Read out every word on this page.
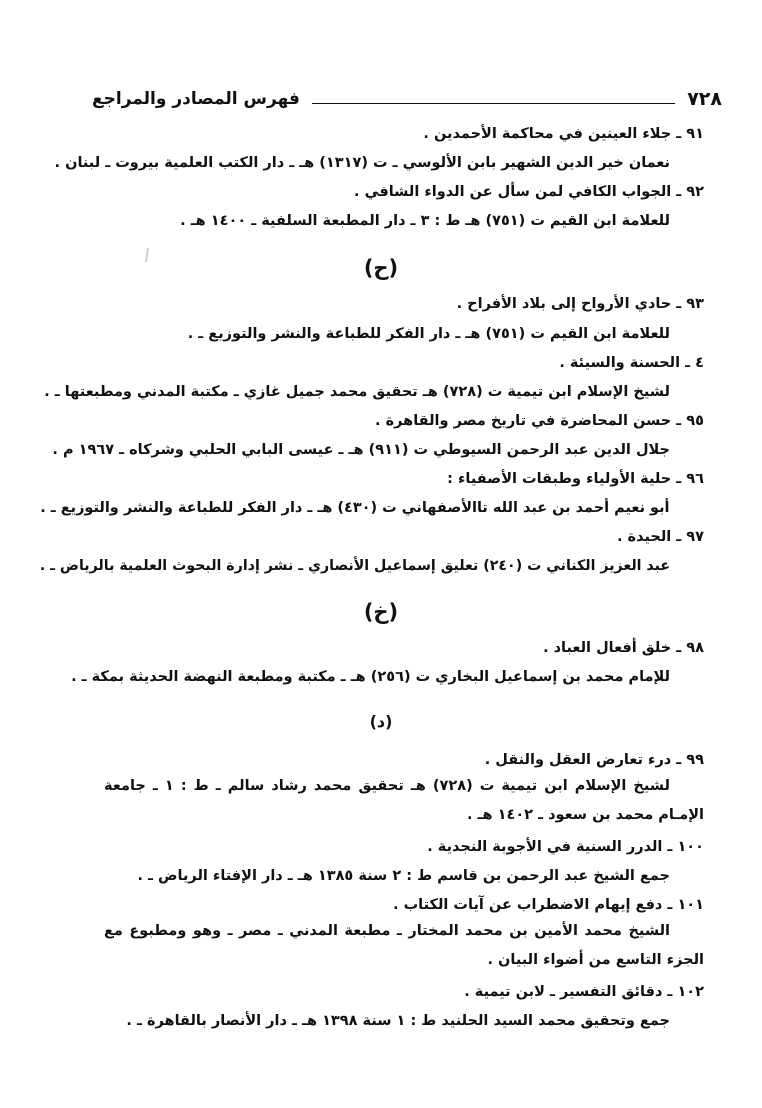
٧٢٨
فهرس المصادر والمراجع
٩١ ـ جلاء العينين في محاكمة الأحمدين .
نعمان خير الدين الشهير بابن الألوسي ـ ت (١٣١٧) هـ ـ دار الكتب العلمية بيروت ـ لبنان .
٩٢ ـ الجواب الكافي لمن سأل عن الدواء الشافي .
للعلامة ابن القيم ت (٧٥١) هـ ط : ٣ ـ دار المطبعة السلفية ـ ١٤٠٠ هـ .
(ح)
٩٣ ـ حادي الأرواح إلى بلاد الأفراح .
للعلامة ابن القيم ت (٧٥١) هـ ـ دار الفكر للطباعة والنشر والتوزيع ـ .
٤ ـ الحسنة والسيئة .
لشيخ الإسلام ابن تيمية ت (٧٢٨) هـ تحقيق محمد جميل غازي ـ مكتبة المدني ومطبعتها ـ .
٩٥ ـ حسن المحاضرة في تاريخ مصر والقاهرة .
جلال الدين عبد الرحمن السيوطي ت (٩١١) هـ ـ عيسى البابي الحلبي وشركاه ـ ١٩٦٧ م .
٩٦ ـ حلية الأولياء وطبقات الأصفياء :
أبو نعيم أحمد بن عبد الله تاالأصفهاني ت (٤٣٠) هـ ـ دار الفكر للطباعة والنشر والتوزيع ـ .
٩٧ ـ الحيدة .
عبد العزيز الكناني ت (٢٤٠) تعليق إسماعيل الأنصاري ـ نشر إدارة البحوث العلمية بالرياض ـ .
(خ)
٩٨ ـ خلق أفعال العباد .
للإمام محمد بن إسماعيل البخاري ت (٢٥٦) هـ ـ مكتبة ومطبعة النهضة الحديثة بمكة ـ .
(د)
٩٩ ـ درء تعارض العقل والنقل .
لشيخ الإسلام ابن تيمية ت (٧٢٨) هـ تحقيق محمد رشاد سالم ـ ط : ١ ـ جامعة الإمـام محمد بن سعود ـ ١٤٠٢ هـ .
١٠٠ ـ الدرر السنية في الأجوبة النجدية .
جمع الشيخ عبد الرحمن بن قاسم ط : ٢ سنة ١٣٨٥ هـ ـ دار الإفتاء الرياض ـ .
١٠١ ـ دفع إيهام الاضطراب عن آيات الكتاب .
الشيخ محمد الأمين بن محمد المختار ـ مطبعة المدني ـ مصر ـ وهو ومطبوع مع الجزء التاسع من أضواء البيان .
١٠٢ ـ دقائق التفسير ـ لابن تيمية .
جمع وتحقيق محمد السيد الحلنيد ط : ١ سنة ١٣٩٨ هـ ـ دار الأنصار بالقاهرة ـ .
